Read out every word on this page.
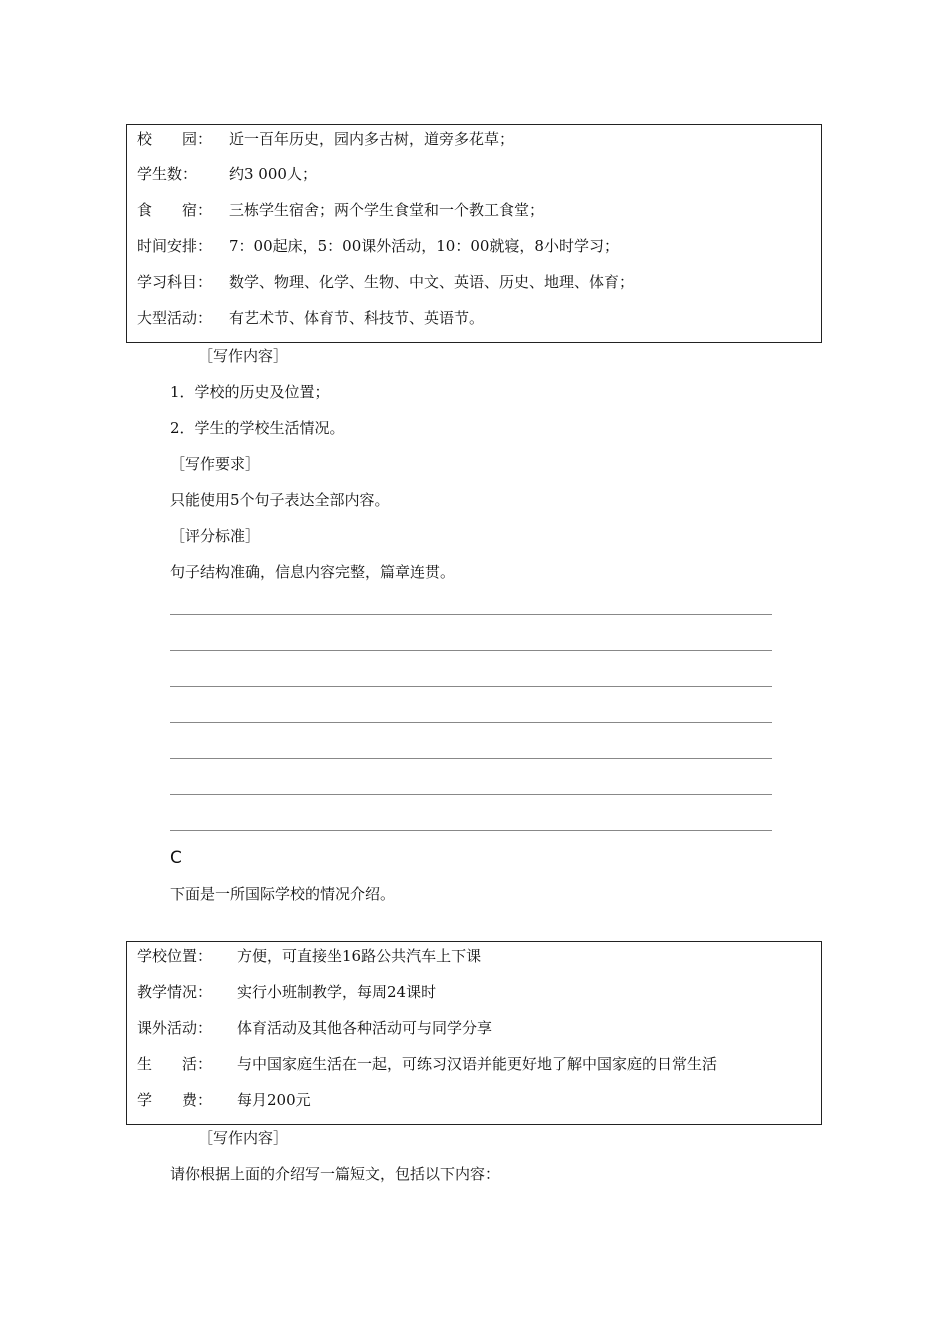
校　　园： 近一百年历史，园内多古树，道旁多花草；
学生数： 约3 000人；
食　　宿： 三栋学生宿舍；两个学生食堂和一个教工食堂；
时间安排： 7：00起床，5：00课外活动，10：00就寝，8小时学习；
学习科目： 数学、物理、化学、生物、中文、英语、历史、地理、体育；
大型活动： 有艺术节、体育节、科技节、英语节。
［写作内容］
1．学校的历史及位置；
2．学生的学校生活情况。
［写作要求］
只能使用5个句子表达全部内容。
［评分标准］
句子结构准确，信息内容完整，篇章连贯。
C
下面是一所国际学校的情况介绍。
学校位置： 方便，可直接坐16路公共汽车上下课
教学情况： 实行小班制教学，每周24课时
课外活动： 体育活动及其他各种活动可与同学分享
生　　活： 与中国家庭生活在一起，可练习汉语并能更好地了解中国家庭的日常生活
学　　费： 每月200元
［写作内容］
请你根据上面的介绍写一篇短文，包括以下内容：
